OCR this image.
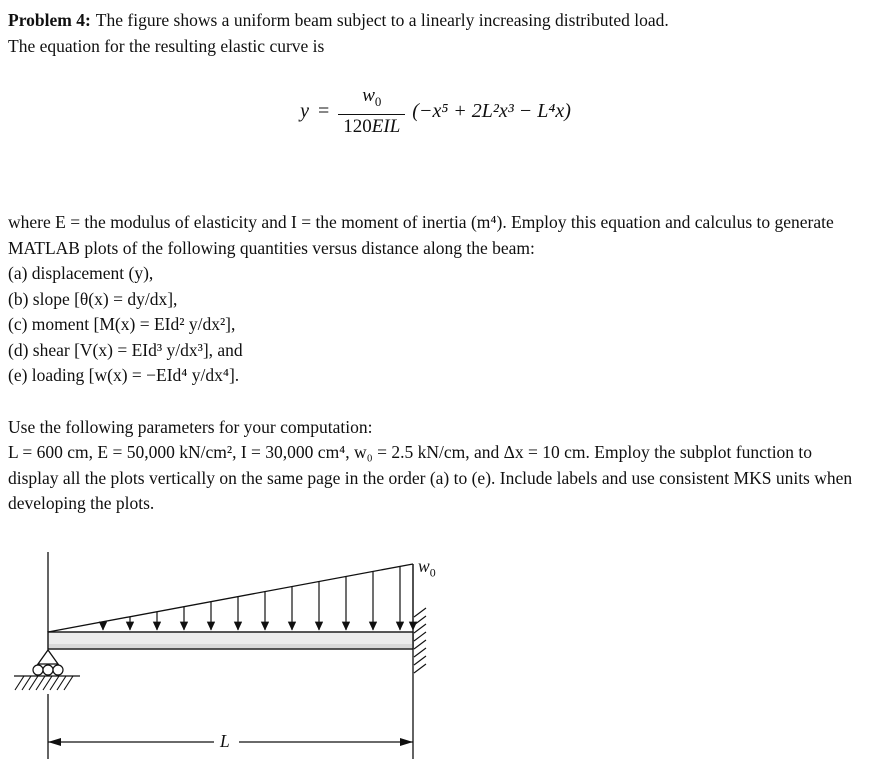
Problem 4: The figure shows a uniform beam subject to a linearly increasing distributed load.
The equation for the resulting elastic curve is

$y = \frac{w_0}{\text{120EIL}} (-x^5 + 2L^2x^3 - L^4x)$

where E = the modulus of elasticity and I = the moment of inertia (m⁴). Employ this equation and calculus to generate MATLAB plots of the following quantities versus distance along the beam:

(a) displacement (y),
(b) slope [θ(x) = dy/dx],
(c) moment [M(x) = EId² y/dx²],
(d) shear [V(x) = EId³ y/dx³], and
(e) loading [w(x) = −EId⁴ y/dx⁴].

Use the following parameters for your computation:

L = 600 cm, E = 50,000 kN/cm², I = 30,000 cm⁴, w₀ = 2.5 kN/cm, and Δx = 10 cm. Employ the subplot function to display all the plots vertically on the same page in the order (a) to (e). Include labels and use consistent MKS units when developing the plots.

$w_0$
L
